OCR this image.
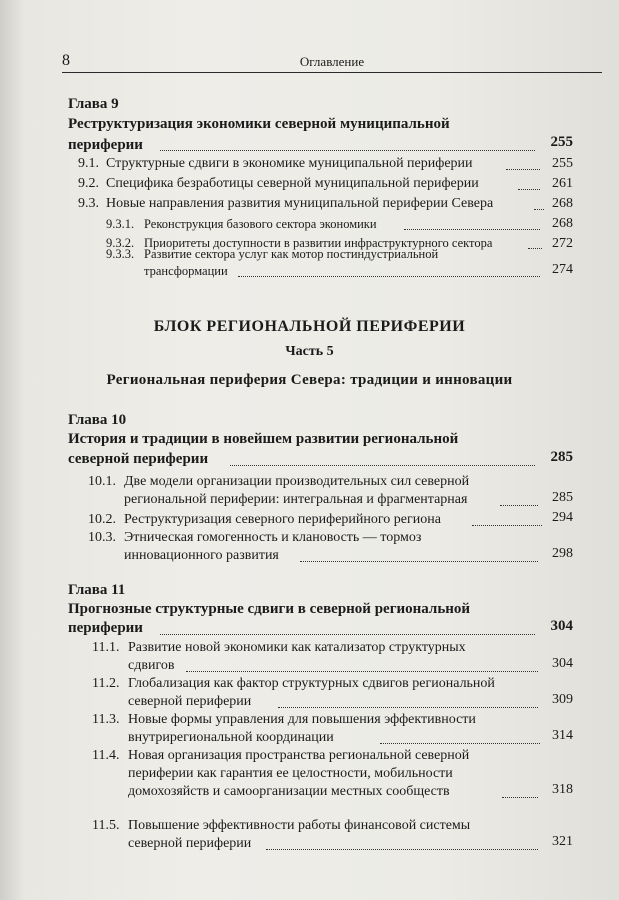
8	Оглавление
Глава 9
Реструктуризация экономики северной муниципальной
периферии	255
9.1. Структурные сдвиги в экономике муниципальной периферии	255
9.2. Специфика безработицы северной муниципальной периферии	261
9.3. Новые направления развития муниципальной периферии Севера	268
9.3.1. Реконструкция базового сектора экономики	268
9.3.2. Приоритеты доступности в развитии инфраструктурного сектора	272
9.3.3. Развитие сектора услуг как мотор постиндустриальной
трансформации	274
БЛОК РЕГИОНАЛЬНОЙ ПЕРИФЕРИИ
Часть 5
Региональная периферия Севера: традиции и инновации
Глава 10
История и традиции в новейшем развитии региональной
северной периферии	285
10.1. Две модели организации производительных сил северной
региональной периферии: интегральная и фрагментарная	285
10.2. Реструктуризация северного периферийного региона	294
10.3. Этническая гомогенность и клановость — тормоз
инновационного развития	298
Глава 11
Прогнозные структурные сдвиги в северной региональной
периферии	304
11.1. Развитие новой экономики как катализатор структурных
сдвигов	304
11.2. Глобализация как фактор структурных сдвигов региональной
северной периферии	309
11.3. Новые формы управления для повышения эффективности
внутрирегиональной координации	314
11.4. Новая организация пространства региональной северной
периферии как гарантия ее целостности, мобильности
домохозяйств и самоорганизации местных сообществ	318
11.5. Повышение эффективности работы финансовой системы
северной периферии	321
